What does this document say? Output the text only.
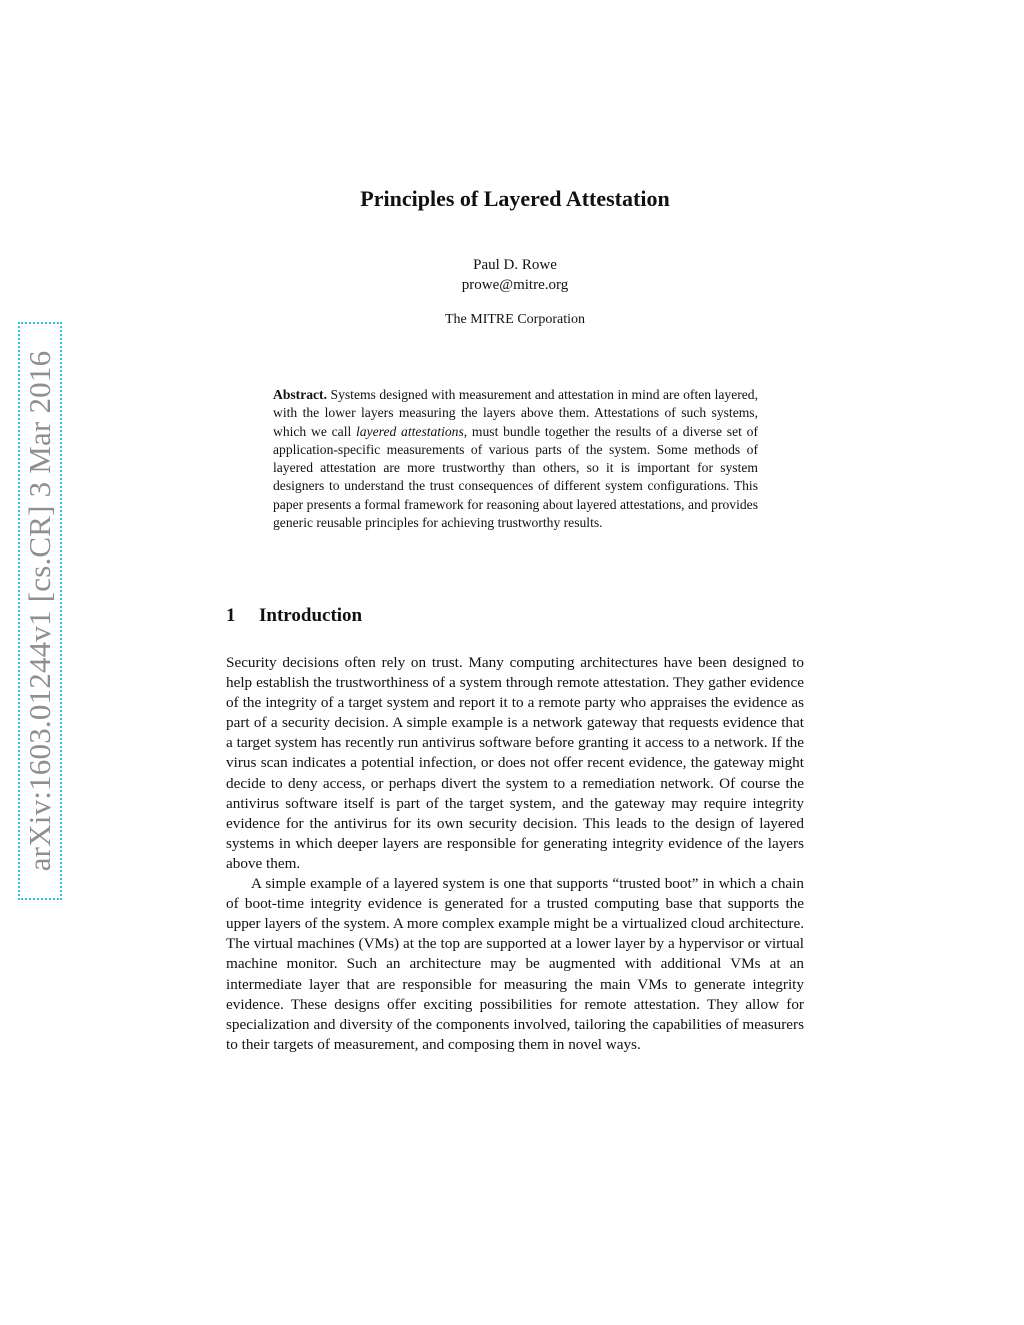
arXiv:1603.01244v1 [cs.CR] 3 Mar 2016
Principles of Layered Attestation
Paul D. Rowe
prowe@mitre.org
The MITRE Corporation
Abstract. Systems designed with measurement and attestation in mind are often layered, with the lower layers measuring the layers above them. Attestations of such systems, which we call layered attestations, must bundle together the results of a diverse set of application-specific measurements of various parts of the system. Some methods of layered attestation are more trustworthy than others, so it is important for system designers to understand the trust consequences of different system configurations. This paper presents a formal framework for reasoning about layered attestations, and provides generic reusable principles for achieving trustworthy results.
1 Introduction

Security decisions often rely on trust. Many computing architectures have been designed to help establish the trustworthiness of a system through remote attestation. They gather evidence of the integrity of a target system and report it to a remote party who appraises the evidence as part of a security decision. A simple example is a network gateway that requests evidence that a target system has recently run antivirus software before granting it access to a network. If the virus scan indicates a potential infection, or does not offer recent evidence, the gateway might decide to deny access, or perhaps divert the system to a remediation network. Of course the antivirus software itself is part of the target system, and the gateway may require integrity evidence for the antivirus for its own security decision. This leads to the design of layered systems in which deeper layers are responsible for generating integrity evidence of the layers above them.

A simple example of a layered system is one that supports “trusted boot” in which a chain of boot-time integrity evidence is generated for a trusted computing base that supports the upper layers of the system. A more complex example might be a virtualized cloud architecture. The virtual machines (VMs) at the top are supported at a lower layer by a hypervisor or virtual machine monitor. Such an architecture may be augmented with additional VMs at an intermediate layer that are responsible for measuring the main VMs to generate integrity evidence. These designs offer exciting possibilities for remote attestation. They allow for specialization and diversity of the components involved, tailoring the capabilities of measurers to their targets of measurement, and composing them in novel ways.
